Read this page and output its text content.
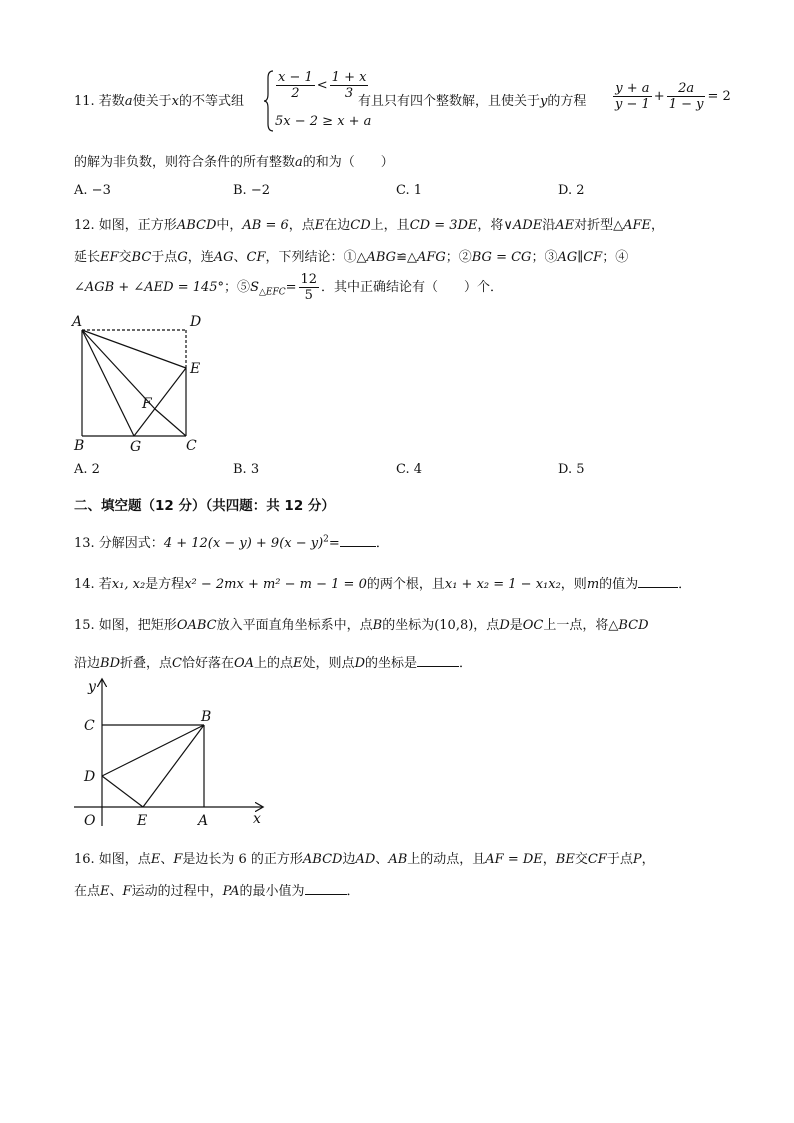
11. 若数a使关于x的不等式组
$\frac{x - 1}{2} < \frac{1 + x}{3}$
5x − 2 ≥ x + a
有且只有四个整数解，且使关于y的方程 $\frac{y + a}{y - 1} + \frac{2a}{1 - y} = 2$
的解为非负数，则符合条件的所有整数a的和为（　　）
A. −3	B. −2	C. 1	D. 2
12. 如图，正方形ABCD中，AB = 6，点E在边CD上，且CD = 3DE，将∨ADE沿AE对折型△AFE，
延长EF交BC于点G，连AG、CF，下列结论：①△ABG≌△AFG；②BG = CG；③AG∥CF；④
∠AGB + ∠AED = 145°；$⑤S_{\triangle EFC}= \frac{12}{5}$ ．其中正确结论有（　　）个．
A	D
E
F
B	G	C
A. 2	B. 3	C. 4	D. 5
二、填空题（12 分）（共四题：共 12 分）
13. 分解因式：$4 + 12(x - y) + 9(x - y)^2=$	．
14. 若x₁, x₂是方程x² − 2mx + m² − m − 1 = 0的两个根，且x₁ + x₂ = 1 − x₁x₂，则m的值为	．
15. 如图，把矩形OABC放入平面直角坐标系中，点B的坐标为(10,8)，点D是OC上一点，将△BCD
沿边BD折叠，点C恰好落在OA上的点E处，则点D的坐标是	．
y
x
C
B
D
O	E	A
16. 如图，点E、F是边长为 6 的正方形ABCD边AD、AB上的动点，且AF = DE，BE交CF于点P，
在点E、F运动的过程中，PA的最小值为	．
